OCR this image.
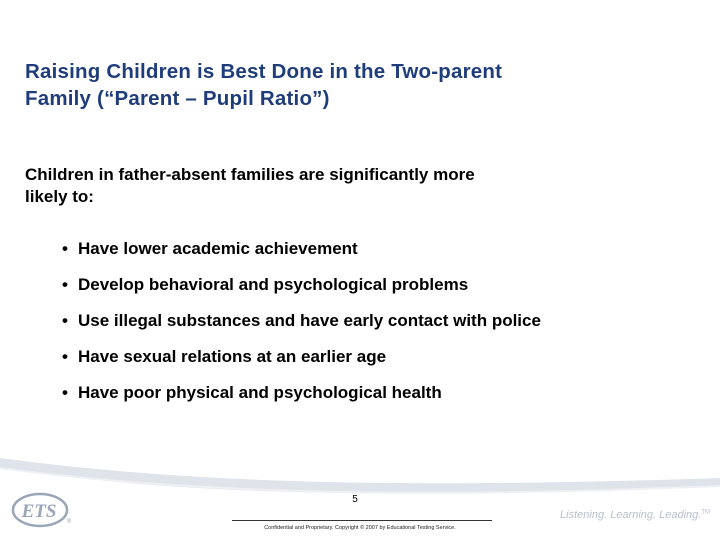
Raising Children is Best Done in the Two-parent
Family (“Parent – Pupil Ratio”)
Children in father-absent families are significantly more
likely to:
• Have lower academic achievement
• Develop behavioral and psychological problems
• Use illegal substances and have early contact with police
• Have sexual relations at an earlier age
• Have poor physical and psychological health
ETS ®
5
Confidential and Proprietary. Copyright © 2007 by Educational Testing Service.
Listening. Learning. Leading.™
